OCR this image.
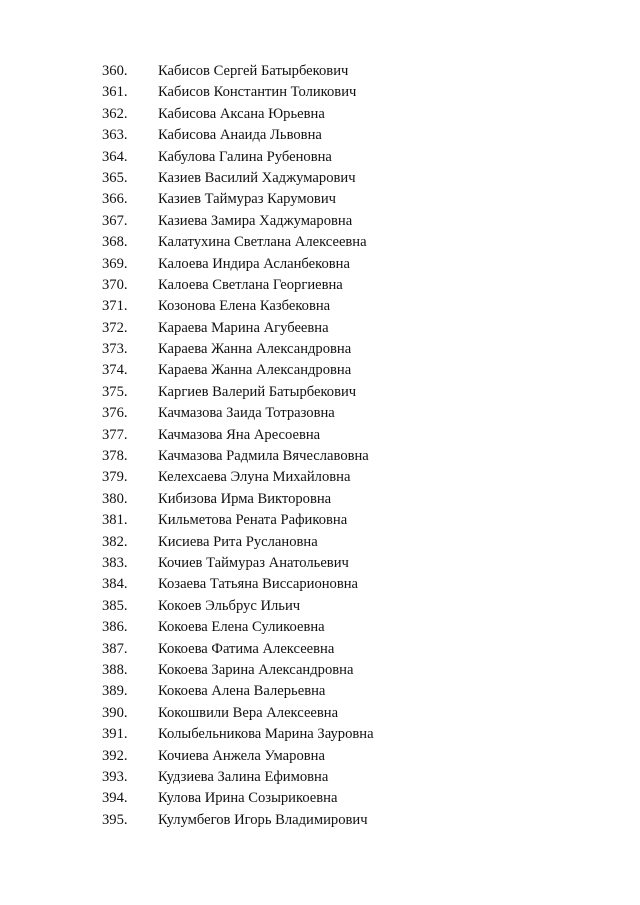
360. Кабисов Сергей Батырбекович
361. Кабисов Константин Толикович
362. Кабисова Аксана Юрьевна
363. Кабисова Анаида Львовна
364. Кабулова Галина Рубеновна
365. Казиев Василий Хаджумарович
366. Казиев Таймураз Карумович
367. Казиева Замира Хаджумаровна
368. Калатухина Светлана Алексеевна
369. Калоева Индира Асланбековна
370. Калоева Светлана Георгиевна
371. Козонова Елена Казбековна
372. Караева Марина Агубеевна
373. Караева Жанна Александровна
374. Караева Жанна Александровна
375. Каргиев Валерий Батырбекович
376. Качмазова Заида Тотразовна
377. Качмазова Яна Аресоевна
378. Качмазова Радмила Вячеславовна
379. Келехсаева Элуна Михайловна
380. Кибизова Ирма Викторовна
381. Кильметова Рената Рафиковна
382. Кисиева Рита Руслановна
383. Кочиев Таймураз Анатольевич
384. Козаева Татьяна Виссарионовна
385. Кокоев Эльбрус Ильич
386. Кокоева Елена Суликоевна
387. Кокоева Фатима Алексеевна
388. Кокоева Зарина Александровна
389. Кокоева Алена Валерьевна
390. Кокошвили Вера Алексеевна
391. Колыбельникова Марина Зауровна
392. Кочиева Анжела Умаровна
393. Кудзиева Залина Ефимовна
394. Кулова Ирина Созырикоевна
395. Кулумбегов Игорь Владимирович
